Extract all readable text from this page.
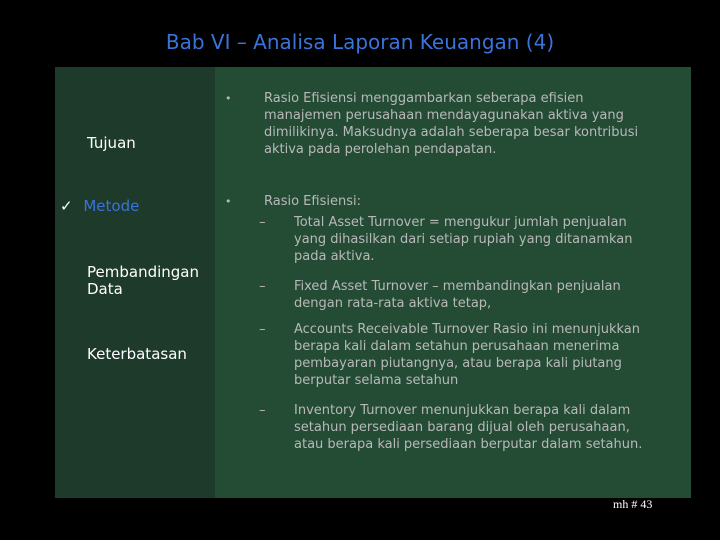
Bab VI – Analisa Laporan Keuangan (4)
Tujuan
✓ Metode
Pembandingan Data
Keterbatasan
•	Rasio Efisiensi menggambarkan seberapa efisien
manajemen perusahaan mendayagunakan aktiva yang
dimilikinya. Maksudnya adalah seberapa besar kontribusi
aktiva pada perolehan pendapatan.
•	Rasio Efisiensi:
– Total Asset Turnover = mengukur jumlah penjualan
yang dihasilkan dari setiap rupiah yang ditanamkan
pada aktiva.
– Fixed Asset Turnover – membandingkan penjualan
dengan rata-rata aktiva tetap,
– Accounts Receivable Turnover Rasio ini menunjukkan
berapa kali dalam setahun perusahaan menerima
pembayaran piutangnya, atau berapa kali piutang
berputar selama setahun
– Inventory Turnover menunjukkan berapa kali dalam
setahun persediaan barang dijual oleh perusahaan,
atau berapa kali persediaan berputar dalam setahun.
mh # 43
